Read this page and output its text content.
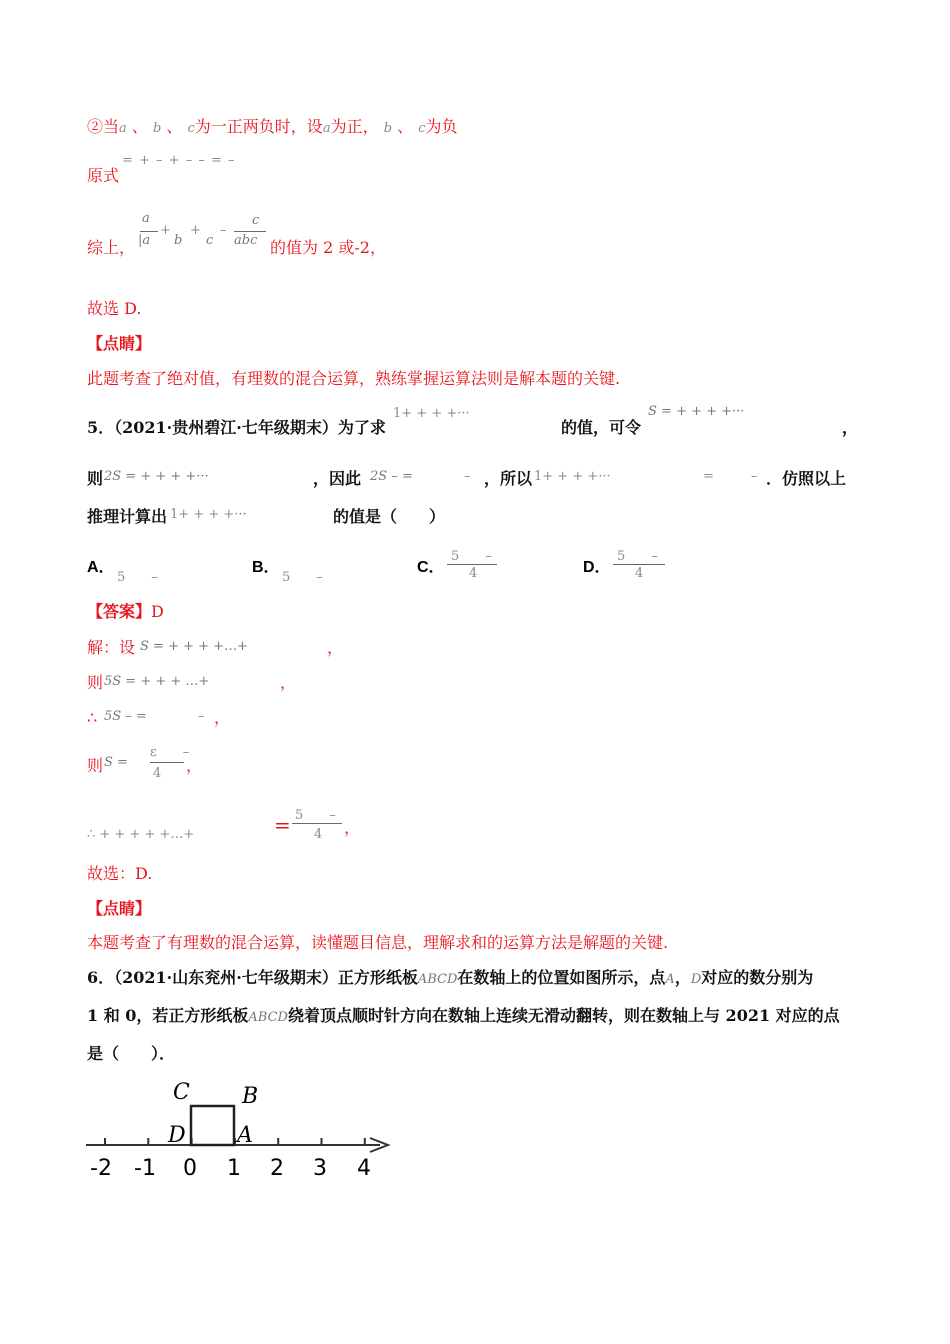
②当a 、 b 、 c为一正两负时，设a为正， b 、 c为负
原式
= + – + – – = –
综上，
a
|a
+
b
+
c
–
c
abc 的值为 2 或-2，
故选 D.
【点睛】
此题考查了绝对值，有理数的混合运算，熟练掌握运算法则是解本题的关键.
5．（2021·贵州碧江·七年级期末）为了求
1+ + + +···
的值，可令
S = + + + +···
，
则 2S = + + + +···	，因此 2S – =	– ，所以 1+ + + +···	=	– ．仿照以上
推理计算出 1+ + + +···	的值是（　　）
A．
5　　–
B．
5　　–
C．
5　　–
4	D．
5　　–
4
【答案】D
解：设 S = + + + +…+	，
则 5S = + + + …+	，
∴ 5S – =	– ，
则 S =
ε　　–
4 ，
∴ + + + + +…+	= 5　　–
4 ，
故选：D.
【点睛】
本题考查了有理数的混合运算，读懂题目信息，理解求和的运算方法是解题的关键.
6．（2021·山东兖州·七年级期末）正方形纸板ABCD在数轴上的位置如图所示，点A，D对应的数分别为
1 和 0，若正方形纸板ABCD绕着顶点顺时针方向在数轴上连续无滑动翻转，则在数轴上与 2021 对应的点
是（　　）．
C B
D A
-2 -1 0 1 2 3 4
